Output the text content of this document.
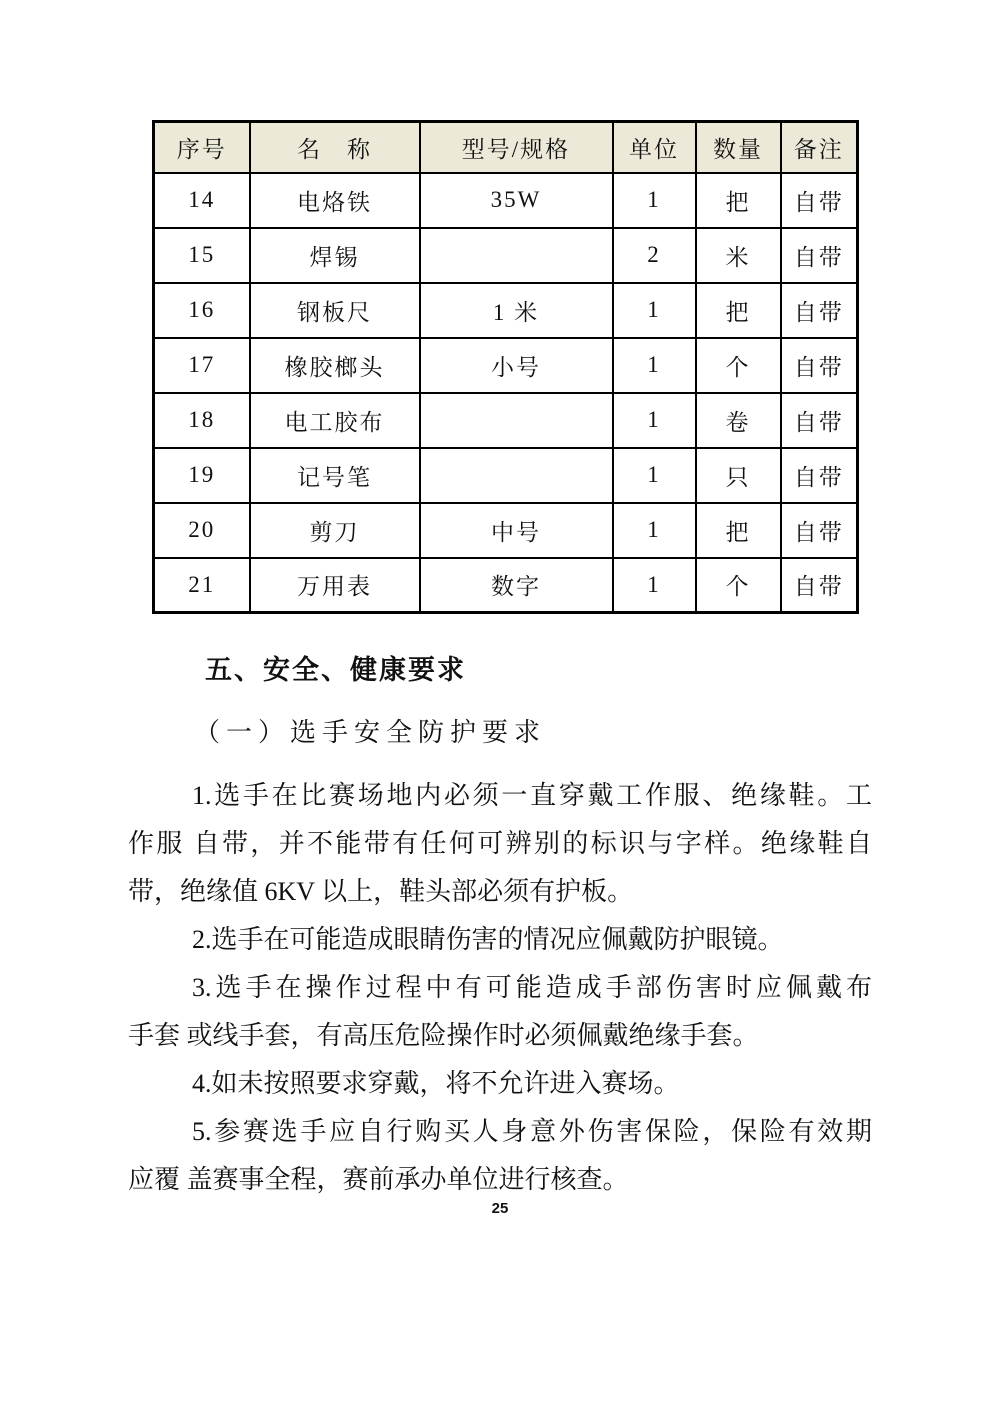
序号	名　称	型号/规格	单位	数量	备注
14	电烙铁	35W	1	把	自带
15	焊锡		2	米	自带
16	钢板尺	1 米	1	把	自带
17	橡胶榔头	小号	1	个	自带
18	电工胶布		1	卷	自带
19	记号笔		1	只	自带
20	剪刀	中号	1	把	自带
21	万用表	数字	1	个	自带
五、安全、健康要求
（一）选手安全防护要求
1.选手在比赛场地内必须一直穿戴工作服、绝缘鞋。工
作服 自带，并不能带有任何可辨别的标识与字样。绝缘鞋自
带，绝缘值 6KV 以上，鞋头部必须有护板。
2.选手在可能造成眼睛伤害的情况应佩戴防护眼镜。
3.选手在操作过程中有可能造成手部伤害时应佩戴布
手套 或线手套，有高压危险操作时必须佩戴绝缘手套。
4.如未按照要求穿戴，将不允许进入赛场。
5.参赛选手应自行购买人身意外伤害保险，保险有效期
应覆 盖赛事全程，赛前承办单位进行核查。
25
